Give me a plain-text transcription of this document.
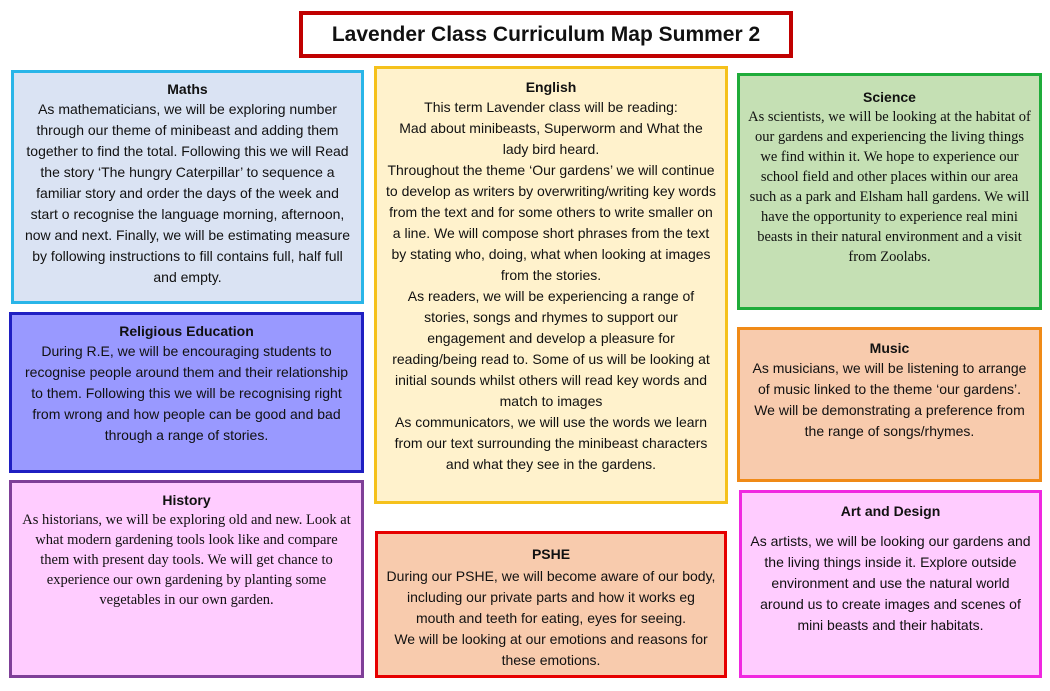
Lavender Class Curriculum Map Summer 2
Maths

As mathematicians, we will be exploring number through our theme of minibeast and adding them together to find the total. Following this we will Read the story ‘The hungry Caterpillar’ to sequence a familiar story and order the days of the week and start o recognise the language morning, afternoon, now and next. Finally, we will be estimating measure by following instructions to fill contains full, half full and empty.

Religious Education

During R.E, we will be encouraging students to recognise people around them and their relationship to them. Following this we will be recognising right from wrong and how people can be good and bad through a range of stories.

History

As historians, we will be exploring old and new. Look at what modern gardening tools look like and compare them with present day tools. We will get chance to experience our own gardening by planting some vegetables in our own garden.

English

This term Lavender class will be reading:

Mad about minibeasts, Superworm and What the lady bird heard.

Throughout the theme ‘Our gardens’ we will continue to develop as writers by overwriting/writing key words from the text and for some others to write smaller on a line. We will compose short phrases from the text by stating who, doing, what when looking at images from the stories.

As readers, we will be experiencing a range of stories, songs and rhymes to support our engagement and develop a pleasure for reading/being read to. Some of us will be looking at initial sounds whilst others will read key words and match to images

As communicators, we will use the words we learn from our text surrounding the minibeast characters and what they see in the gardens.

PSHE

During our PSHE, we will become aware of our body, including our private parts and how it works eg mouth and teeth for eating, eyes for seeing.

We will be looking at our emotions and reasons for these emotions.

Science

As scientists, we will be looking at the habitat of our gardens and experiencing the living things we find within it. We hope to experience our school field and other places within our area such as a park and Elsham hall gardens. We will have the opportunity to experience real mini beasts in their natural environment and a visit from Zoolabs.

Music

As musicians, we will be listening to arrange of music linked to the theme ‘our gardens’. We will be demonstrating a preference from the range of songs/rhymes.

Art and Design

As artists, we will be looking our gardens and the living things inside it. Explore outside environment and use the natural world around us to create images and scenes of mini beasts and their habitats.
